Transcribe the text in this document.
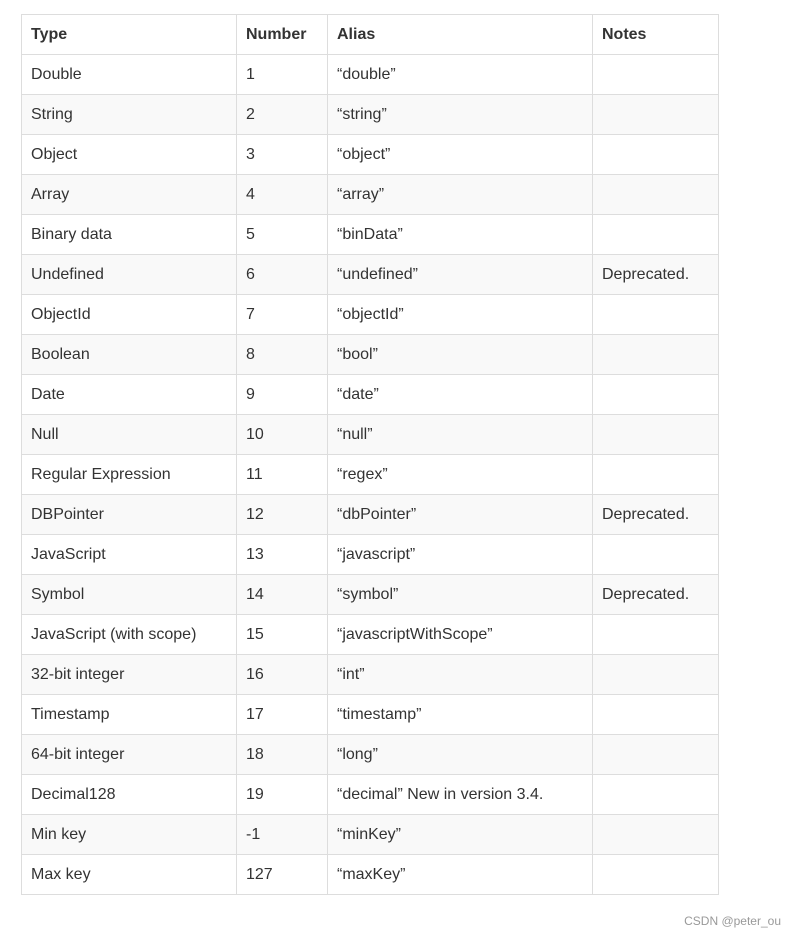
Type	Number	Alias	Notes
Double	1	“double”	
String	2	“string”	
Object	3	“object”	
Array	4	“array”	
Binary data	5	“binData”	
Undefined	6	“undefined”	Deprecated.
ObjectId	7	“objectId”	
Boolean	8	“bool”	
Date	9	“date”	
Null	10	“null”	
Regular Expression	11	“regex”	
DBPointer	12	“dbPointer”	Deprecated.
JavaScript	13	“javascript”	
Symbol	14	“symbol”	Deprecated.
JavaScript (with scope)	15	“javascriptWithScope”	
32-bit integer	16	“int”	
Timestamp	17	“timestamp”	
64-bit integer	18	“long”	
Decimal128	19	“decimal” New in version 3.4.	
Min key	-1	“minKey”	
Max key	127	“maxKey”	
CSDN @peter_ou
